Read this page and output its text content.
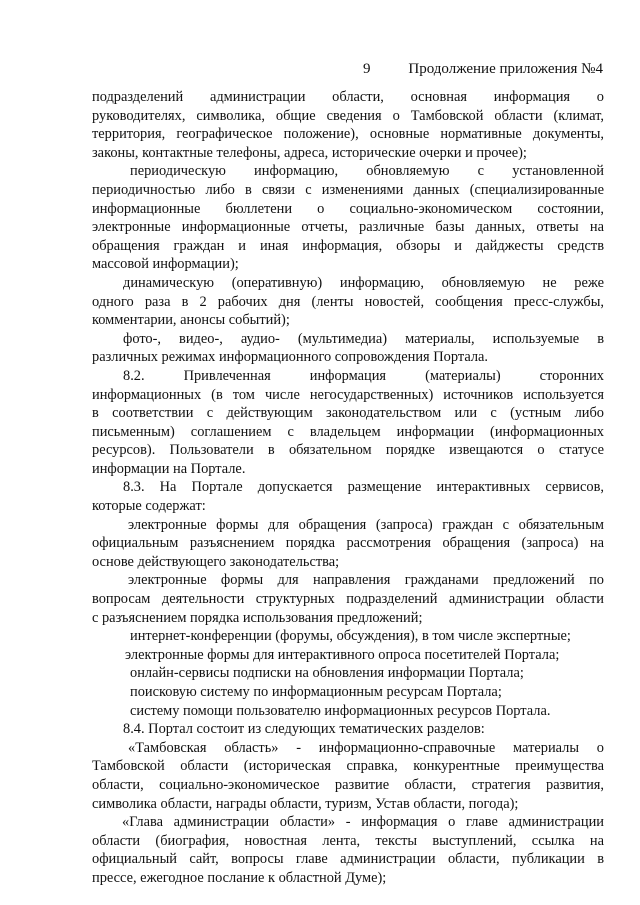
9	Продолжение приложения №4
подразделений администрации области, основная информация о
руководителях, символика, общие сведения о Тамбовской области (климат,
территория, географическое положение), основные нормативные документы,
законы, контактные телефоны, адреса, исторические очерки и прочее);
периодическую информацию, обновляемую с установленной
периодичностью либо в связи с изменениями данных (специализированные
информационные бюллетени о социально-экономическом состоянии,
электронные информационные отчеты, различные базы данных, ответы на
обращения граждан и иная информация, обзоры и дайджесты средств
массовой информации);
динамическую (оперативную) информацию, обновляемую не реже
одного раза в 2 рабочих дня (ленты новостей, сообщения пресс-службы,
комментарии, анонсы событий);
фото-, видео-, аудио- (мультимедиа) материалы, используемые в
различных режимах информационного сопровождения Портала.
8.2. Привлеченная информация (материалы) сторонних
информационных (в том числе негосударственных) источников используется
в соответствии с действующим законодательством или с (устным либо
письменным) соглашением с владельцем информации (информационных
ресурсов). Пользователи в обязательном порядке извещаются о статусе
информации на Портале.
8.3. На Портале допускается размещение интерактивных сервисов,
которые содержат:
электронные формы для обращения (запроса) граждан с обязательным
официальным разъяснением порядка рассмотрения обращения (запроса) на
основе действующего законодательства;
электронные формы для направления гражданами предложений по
вопросам деятельности структурных подразделений администрации области
с разъяснением порядка использования предложений;
интернет-конференции (форумы, обсуждения), в том числе экспертные;
электронные формы для интерактивного опроса посетителей Портала;
онлайн-сервисы подписки на обновления информации Портала;
поисковую систему по информационным ресурсам Портала;
систему помощи пользователю информационных ресурсов Портала.
8.4. Портал состоит из следующих тематических разделов:
«Тамбовская область» - информационно-справочные материалы о
Тамбовской области (историческая справка, конкурентные преимущества
области, социально-экономическое развитие области, стратегия развития,
символика области, награды области, туризм, Устав области, погода);
«Глава администрации области» - информация о главе администрации
области (биография, новостная лента, тексты выступлений, ссылка на
официальный сайт, вопросы главе администрации области, публикации в
прессе, ежегодное послание к областной Думе);
